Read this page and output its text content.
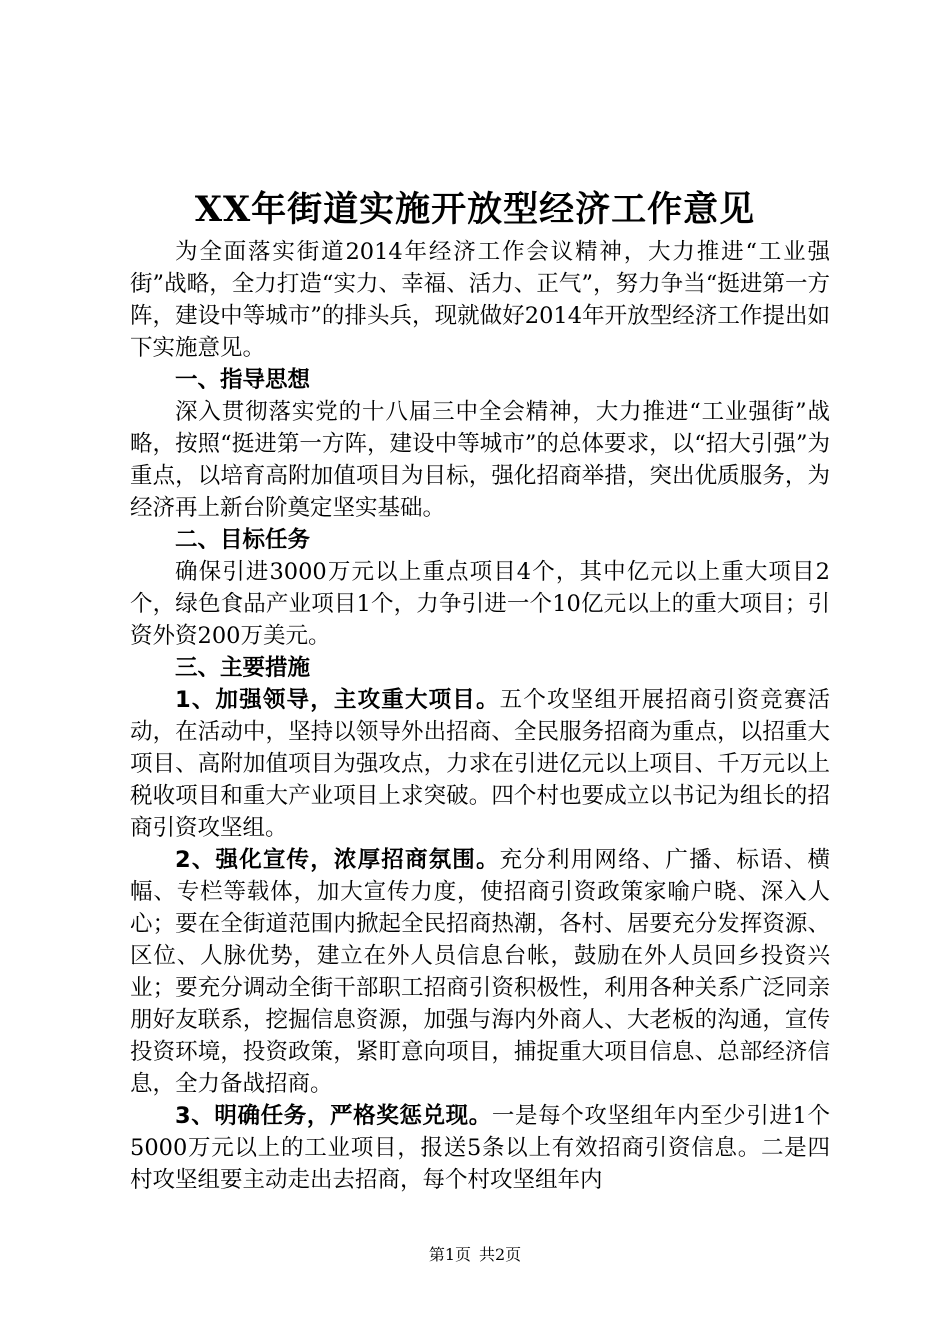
XX年街道实施开放型经济工作意见

为全面落实街道2014年经济工作会议精神，大力推进“工业强街”战略，全力打造“实力、幸福、活力、正气”，努力争当“挺进第一方阵，建设中等城市”的排头兵，现就做好2014年开放型经济工作提出如下实施意见。

一、指导思想

深入贯彻落实党的十八届三中全会精神，大力推进“工业强街”战略，按照“挺进第一方阵，建设中等城市”的总体要求，以“招大引强”为重点，以培育高附加值项目为目标，强化招商举措，突出优质服务，为经济再上新台阶奠定坚实基础。

二、目标任务

确保引进3000万元以上重点项目4个，其中亿元以上重大项目2个，绿色食品产业项目1个，力争引进一个10亿元以上的重大项目；引资外资200万美元。

三、主要措施

1、加强领导，主攻重大项目。五个攻坚组开展招商引资竞赛活动，在活动中，坚持以领导外出招商、全民服务招商为重点，以招重大项目、高附加值项目为强攻点，力求在引进亿元以上项目、千万元以上税收项目和重大产业项目上求突破。四个村也要成立以书记为组长的招商引资攻坚组。

2、强化宣传，浓厚招商氛围。充分利用网络、广播、标语、横幅、专栏等载体，加大宣传力度，使招商引资政策家喻户晓、深入人心；要在全街道范围内掀起全民招商热潮，各村、居要充分发挥资源、区位、人脉优势，建立在外人员信息台帐，鼓励在外人员回乡投资兴业；要充分调动全街干部职工招商引资积极性，利用各种关系广泛同亲朋好友联系，挖掘信息资源，加强与海内外商人、大老板的沟通，宣传投资环境，投资政策，紧盯意向项目，捕捉重大项目信息、总部经济信息，全力备战招商。

3、明确任务，严格奖惩兑现。一是每个攻坚组年内至少引进1个5000万元以上的工业项目，报送5条以上有效招商引资信息。二是四村攻坚组要主动走出去招商，每个村攻坚组年内

第1页 共2页
